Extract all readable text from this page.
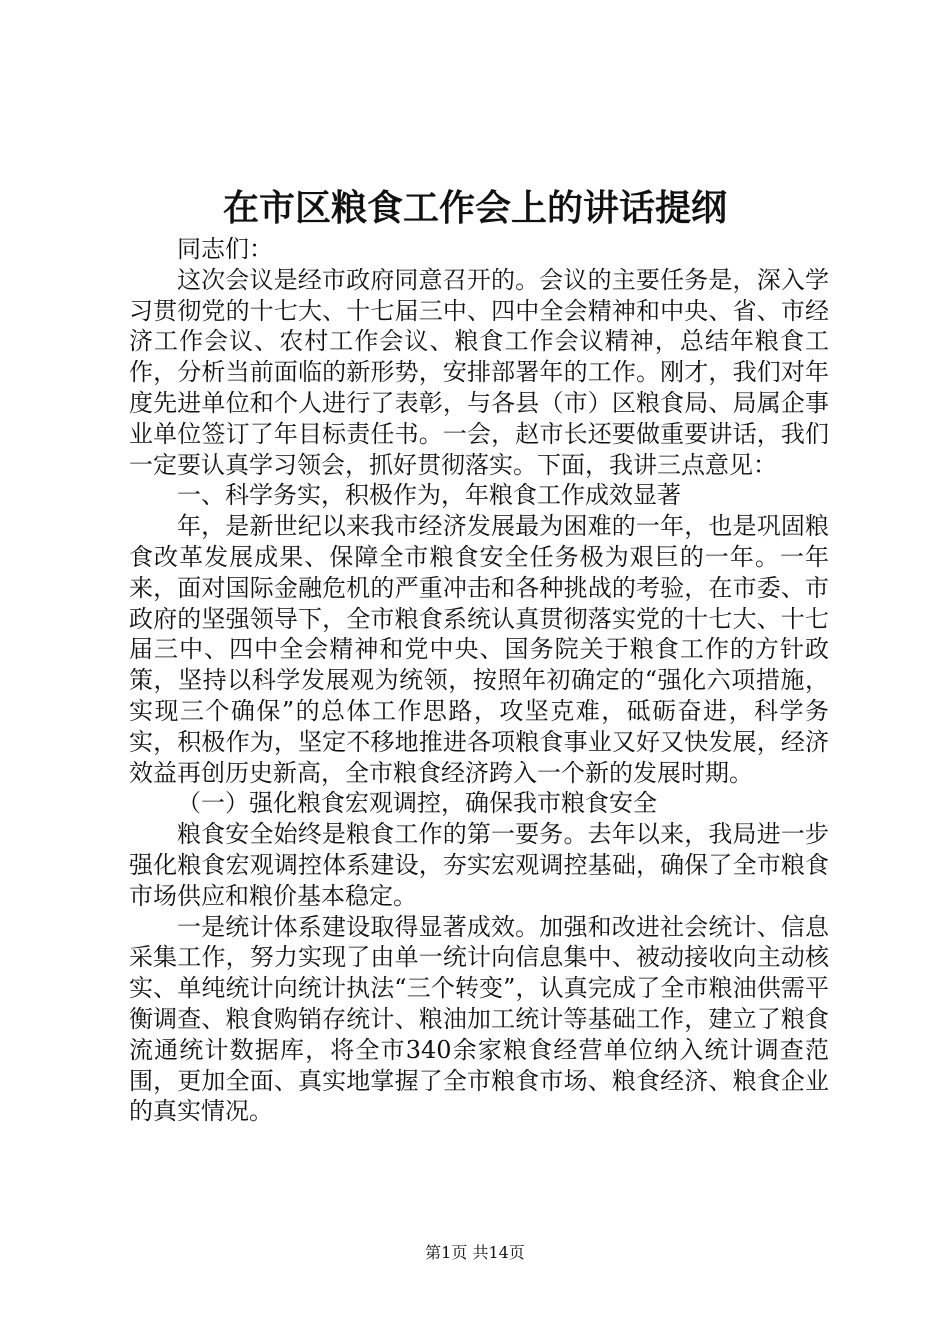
在市区粮食工作会上的讲话提纲

同志们：

这次会议是经市政府同意召开的。会议的主要任务是，深入学习贯彻党的十七大、十七届三中、四中全会精神和中央、省、市经济工作会议、农村工作会议、粮食工作会议精神，总结年粮食工作，分析当前面临的新形势，安排部署年的工作。刚才，我们对年度先进单位和个人进行了表彰，与各县（市）区粮食局、局属企事业单位签订了年目标责任书。一会，赵市长还要做重要讲话，我们一定要认真学习领会，抓好贯彻落实。下面，我讲三点意见：

一、科学务实，积极作为，年粮食工作成效显著

年，是新世纪以来我市经济发展最为困难的一年，也是巩固粮食改革发展成果、保障全市粮食安全任务极为艰巨的一年。一年来，面对国际金融危机的严重冲击和各种挑战的考验，在市委、市政府的坚强领导下，全市粮食系统认真贯彻落实党的十七大、十七届三中、四中全会精神和党中央、国务院关于粮食工作的方针政策，坚持以科学发展观为统领，按照年初确定的“强化六项措施，实现三个确保”的总体工作思路，攻坚克难，砥砺奋进，科学务实，积极作为，坚定不移地推进各项粮食事业又好又快发展，经济效益再创历史新高，全市粮食经济跨入一个新的发展时期。

（一）强化粮食宏观调控，确保我市粮食安全

粮食安全始终是粮食工作的第一要务。去年以来，我局进一步强化粮食宏观调控体系建设，夯实宏观调控基础，确保了全市粮食市场供应和粮价基本稳定。

一是统计体系建设取得显著成效。加强和改进社会统计、信息采集工作，努力实现了由单一统计向信息集中、被动接收向主动核实、单纯统计向统计执法“三个转变”，认真完成了全市粮油供需平衡调查、粮食购销存统计、粮油加工统计等基础工作，建立了粮食流通统计数据库，将全市340余家粮食经营单位纳入统计调查范围，更加全面、真实地掌握了全市粮食市场、粮食经济、粮食企业的真实情况。

第1页 共14页
